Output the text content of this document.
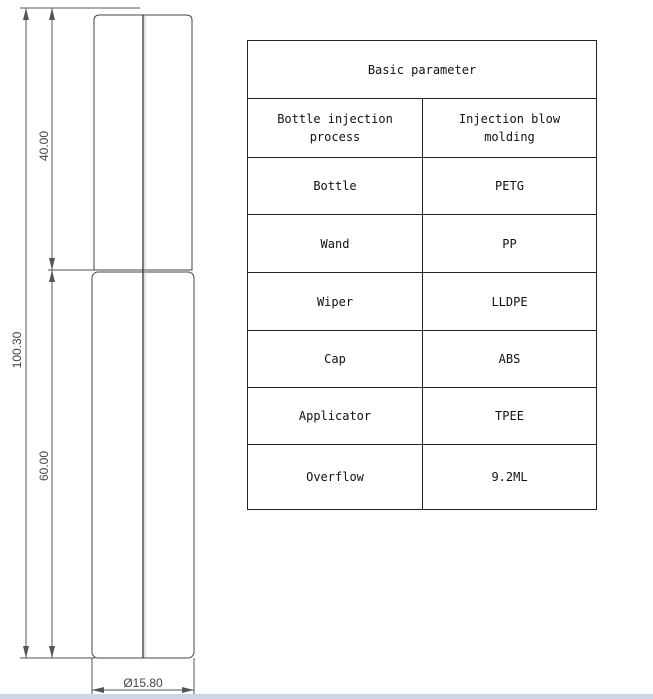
100.30
40.00
60.00
Ø15.80
Basic parameter	
Bottle injection process	Injection blow molding
Bottle	PETG
Wand	PP
Wiper	LLDPE
Cap	ABS
Applicator	TPEE
Overflow	9.2ML
